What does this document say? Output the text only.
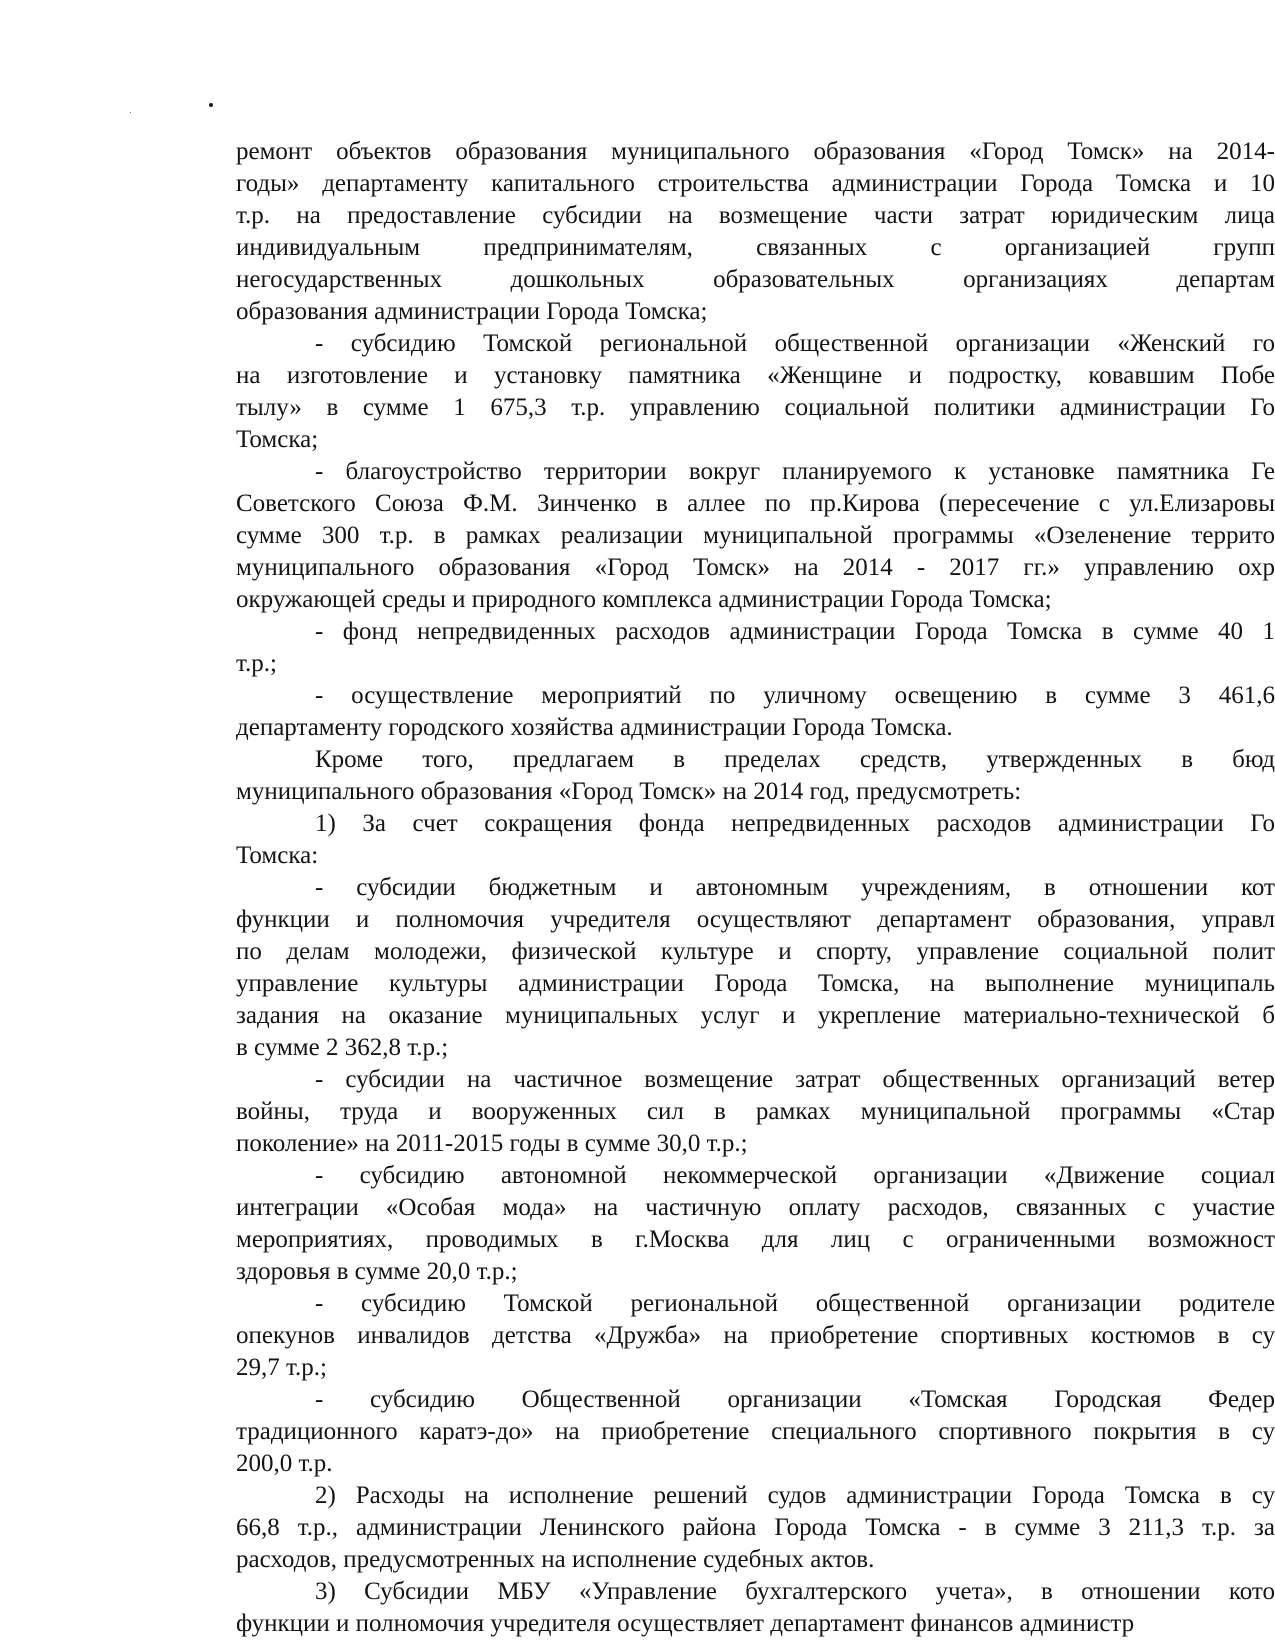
ремонт объектов образования муниципального образования «Город Томск» на 2014-
годы» департаменту капитального строительства администрации Города Томска и 10
т.р. на предоставление субсидии на возмещение части затрат юридическим лица
индивидуальным предпринимателям, связанных с организацией групп
негосударственных дошкольных образовательных организациях департам
образования администрации Города Томска;
- субсидию Томской региональной общественной организации «Женский го
на изготовление и установку памятника «Женщине и подростку, ковавшим Побе
тылу» в сумме 1 675,3 т.р. управлению социальной политики администрации Го
Томска;
- благоустройство территории вокруг планируемого к установке памятника Ге
Советского Союза Ф.М. Зинченко в аллее по пр.Кирова (пересечение с ул.Елизаровы
сумме 300 т.р. в рамках реализации муниципальной программы «Озеленение террито
муниципального образования «Город Томск» на 2014 - 2017 гг.» управлению охр
окружающей среды и природного комплекса администрации Города Томска;
- фонд непредвиденных расходов администрации Города Томска в сумме 40 1
т.р.;
- осуществление мероприятий по уличному освещению в сумме 3 461,6
департаменту городского хозяйства администрации Города Томска.
Кроме того, предлагаем в пределах средств, утвержденных в бюд
муниципального образования «Город Томск» на 2014 год, предусмотреть:
1) За счет сокращения фонда непредвиденных расходов администрации Го
Томска:
- субсидии бюджетным и автономным учреждениям, в отношении кот
функции и полномочия учредителя осуществляют департамент образования, управл
по делам молодежи, физической культуре и спорту, управление социальной полит
управление культуры администрации Города Томска, на выполнение муниципаль
задания на оказание муниципальных услуг и укрепление материально-технической б
в сумме 2 362,8 т.р.;
- субсидии на частичное возмещение затрат общественных организаций ветер
войны, труда и вооруженных сил в рамках муниципальной программы «Стар
поколение» на 2011-2015 годы в сумме 30,0 т.р.;
- субсидию автономной некоммерческой организации «Движение социал
интеграции «Особая мода» на частичную оплату расходов, связанных с участие
мероприятиях, проводимых в г.Москва для лиц с ограниченными возможност
здоровья в сумме 20,0 т.р.;
- субсидию Томской региональной общественной организации родителе
опекунов инвалидов детства «Дружба» на приобретение спортивных костюмов в су
29,7 т.р.;
- субсидию Общественной организации «Томская Городская Федер
традиционного каратэ-до» на приобретение специального спортивного покрытия в су
200,0 т.р.
2) Расходы на исполнение решений судов администрации Города Томска в су
66,8 т.р., администрации Ленинского района Города Томска - в сумме 3 211,3 т.р. за
расходов, предусмотренных на исполнение судебных актов.
3) Субсидии МБУ «Управление бухгалтерского учета», в отношении кото
функции и полномочия учредителя осуществляет департамент финансов администр
